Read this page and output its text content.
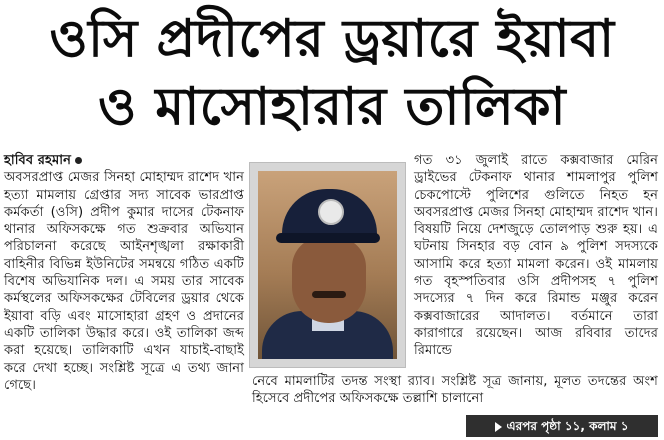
ওসি প্রদীপের ড্রয়ারে ইয়াবা
ও মাসোহারার তালিকা
হাবিব রহমান
অবসরপ্রাপ্ত মেজর সিনহা মোহাম্মদ রাশেদ খান হত্যা মামলায় গ্রেপ্তার সদ্য সাবেক ভারপ্রাপ্ত কর্মকর্তা (ওসি) প্রদীপ কুমার দাসের টেকনাফ থানার অফিসকক্ষে গত শুক্রবার অভিযান পরিচালনা করেছে আইনশৃঙ্খলা রক্ষাকারী বাহিনীর বিভিন্ন ইউনিটের সমন্বয়ে গঠিত একটি বিশেষ অভিযানিক দল। এ সময় তার সাবেক কর্মস্থলের অফিসকক্ষের টেবিলের ড্রয়ার থেকে ইয়াবা বড়ি এবং মাসোহারা গ্রহণ ও প্রদানের একটি তালিকা উদ্ধার করে। ওই তালিকা জব্দ করা হয়েছে। তালিকাটি এখন যাচাই-বাছাই করে দেখা হচ্ছে। সংশ্লিষ্ট সূত্রে এ তথ্য জানা গেছে।
গত ৩১ জুলাই রাতে কক্সবাজার মেরিন ড্রাইভের টেকনাফ থানার শামলাপুর পুলিশ চেকপোস্টে পুলিশের গুলিতে নিহত হন অবসরপ্রাপ্ত মেজর সিনহা মোহাম্মদ রাশেদ খান। বিষয়টি নিয়ে দেশজুড়ে তোলপাড় শুরু হয়। এ ঘটনায় সিনহার বড় বোন ৯ পুলিশ সদস্যকে আসামি করে হত্যা মামলা করেন। ওই মামলায় গত বৃহস্পতিবার ওসি প্রদীপসহ ৭ পুলিশ সদস্যের ৭ দিন করে রিমান্ড মঞ্জুর করেন কক্সবাজারের আদালত। বর্তমানে তারা কারাগারে রয়েছেন। আজ রবিবার তাদের রিমান্ডে
নেবে মামলাটির তদন্ত সংস্থা র‍্যাব। সংশ্লিষ্ট সূত্র জানায়, মূলত তদন্তের অংশ হিসেবে প্রদীপের অফিসকক্ষে তল্লাশি চালানো
এরপর পৃষ্ঠা ১১, কলাম ১
